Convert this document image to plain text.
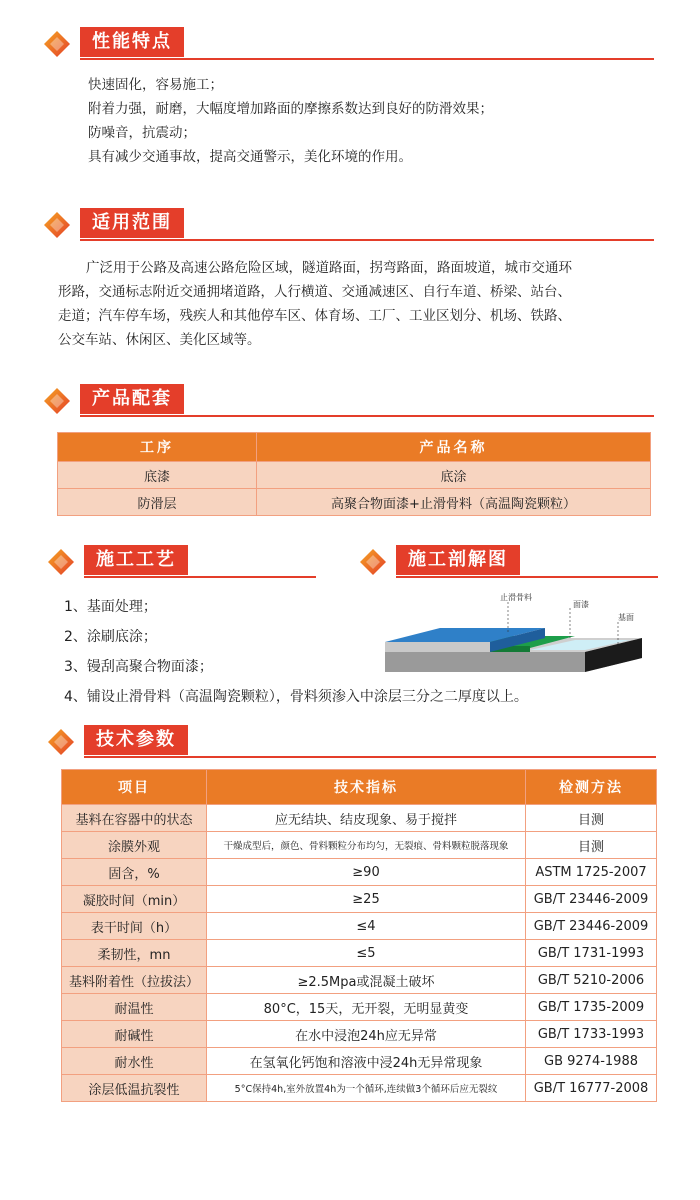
性能特点
快速固化，容易施工；
附着力强，耐磨，大幅度增加路面的摩擦系数达到良好的防滑效果；
防噪音，抗震动；
具有减少交通事故，提高交通警示，美化环境的作用。
适用范围
广泛用于公路及高速公路危险区域，隧道路面，拐弯路面，路面坡道，城市交通环
形路，交通标志附近交通拥堵道路，人行横道、交通减速区、自行车道、桥梁、站台、
走道；汽车停车场，残疾人和其他停车区、体育场、工厂、工业区划分、机场、铁路、
公交车站、休闲区、美化区域等。
产品配套
工序	产品名称
底漆	底涂
防滑层	高聚合物面漆+止滑骨料（高温陶瓷颗粒）
施工工艺
1、基面处理；
2、涂刷底涂；
3、镘刮高聚合物面漆；
4、铺设止滑骨料（高温陶瓷颗粒），骨料须渗入中涂层三分之二厚度以上。
施工剖解图
止滑骨料
面漆
基面
技术参数
项目	技术指标	检测方法
基料在容器中的状态	应无结块、结皮现象、易于搅拌	目测
涂膜外观	干燥成型后，颜色、骨料颗粒分布均匀，无裂痕、骨料颗粒脱落现象	目测
固含，%	≥90	ASTM 1725-2007
凝胶时间（min）	≥25	GB/T 23446-2009
表干时间（h）	≤4	GB/T 23446-2009
柔韧性，mn	≤5	GB/T 1731-1993
基料附着性（拉拔法）	≥2.5Mpa或混凝土破坏	GB/T 5210-2006
耐温性	80°C，15天，无开裂，无明显黄变	GB/T 1735-2009
耐碱性	在水中浸泡24h应无异常	GB/T 1733-1993
耐水性	在氢氧化钙饱和溶液中浸24h无异常现象	GB 9274-1988
涂层低温抗裂性	5°C保持4h,室外放置4h为一个循环,连续做3个循环后应无裂纹	GB/T 16777-2008
